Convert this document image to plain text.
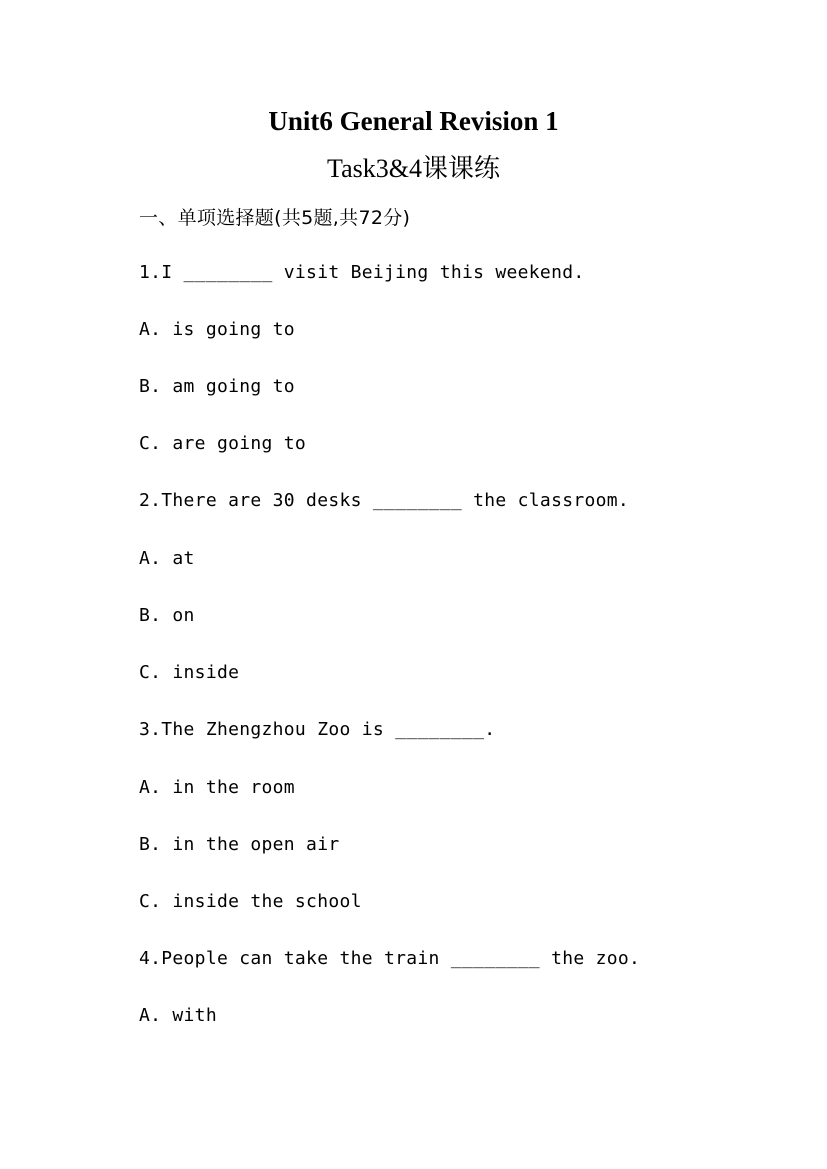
Unit6 General Revision 1
Task3&4课课练
一、单项选择题(共5题,共72分)
1.I ________ visit Beijing this weekend.
A. is going to
B. am going to
C. are going to
2.There are 30 desks ________ the classroom.
A. at
B. on
C. inside
3.The Zhengzhou Zoo is ________.
A. in the room
B. in the open air
C. inside the school
4.People can take the train ________ the zoo.
A. with
